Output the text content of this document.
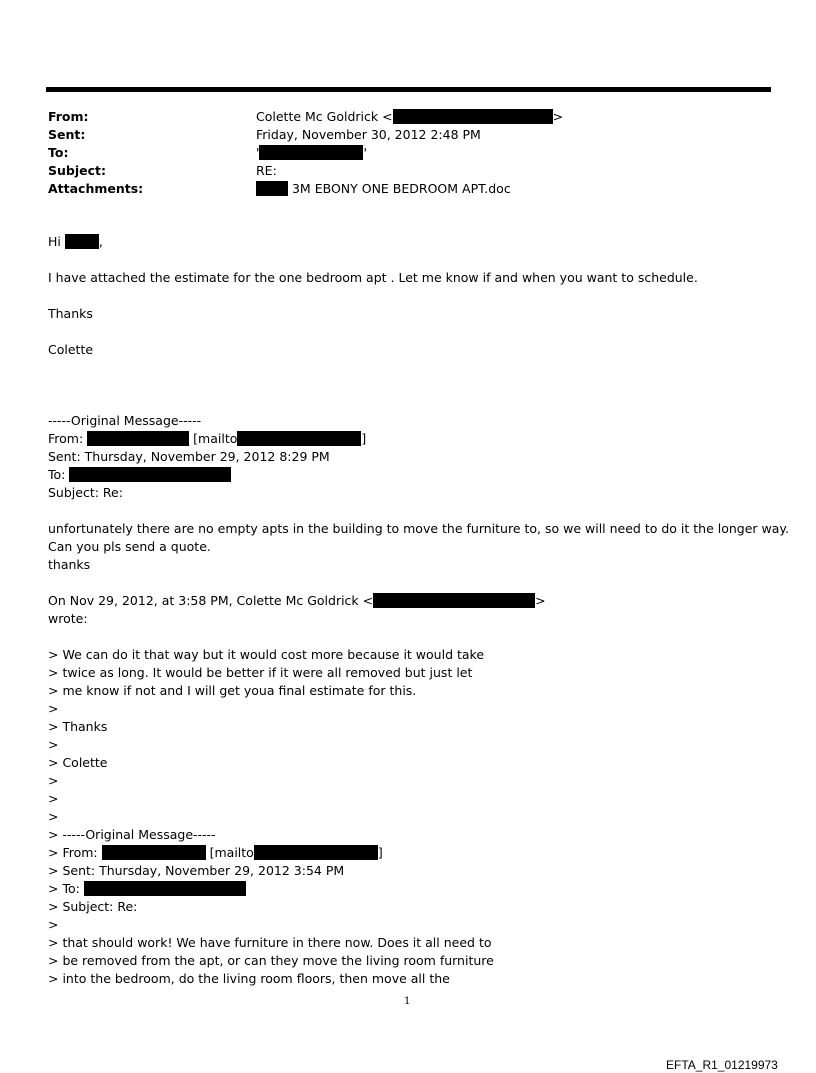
From:	Colette Mc Goldrick <	>
Sent:	Friday, November 30, 2012 2:48 PM
To:	'	'
Subject:	RE:
Attachments:	3M EBONY ONE BEDROOM APT.doc
Hi	,
I have attached the estimate for the one bedroom apt . Let me know if and when you want to schedule.
Thanks
Colette
-----Original Message-----
From:	[mailto	]
Sent: Thursday, November 29, 2012 8:29 PM
To:
Subject: Re:
unfortunately there are no empty apts in the building to move the furniture to, so we will need to do it the longer way.
Can you pls send a quote.
thanks
On Nov 29, 2012, at 3:58 PM, Colette Mc Goldrick <	>
wrote:
> We can do it that way but it would cost more because it would take
> twice as long. It would be better if it were all removed but just let
> me know if not and I will get youa final estimate for this.
>
> Thanks
>
> Colette
>
>
>
> -----Original Message-----
> From:	[mailto	]
> Sent: Thursday, November 29, 2012 3:54 PM
> To:
> Subject: Re:
>
> that should work! We have furniture in there now. Does it all need to
> be removed from the apt, or can they move the living room furniture
> into the bedroom, do the living room floors, then move all the
1
EFTA_R1_01219973
